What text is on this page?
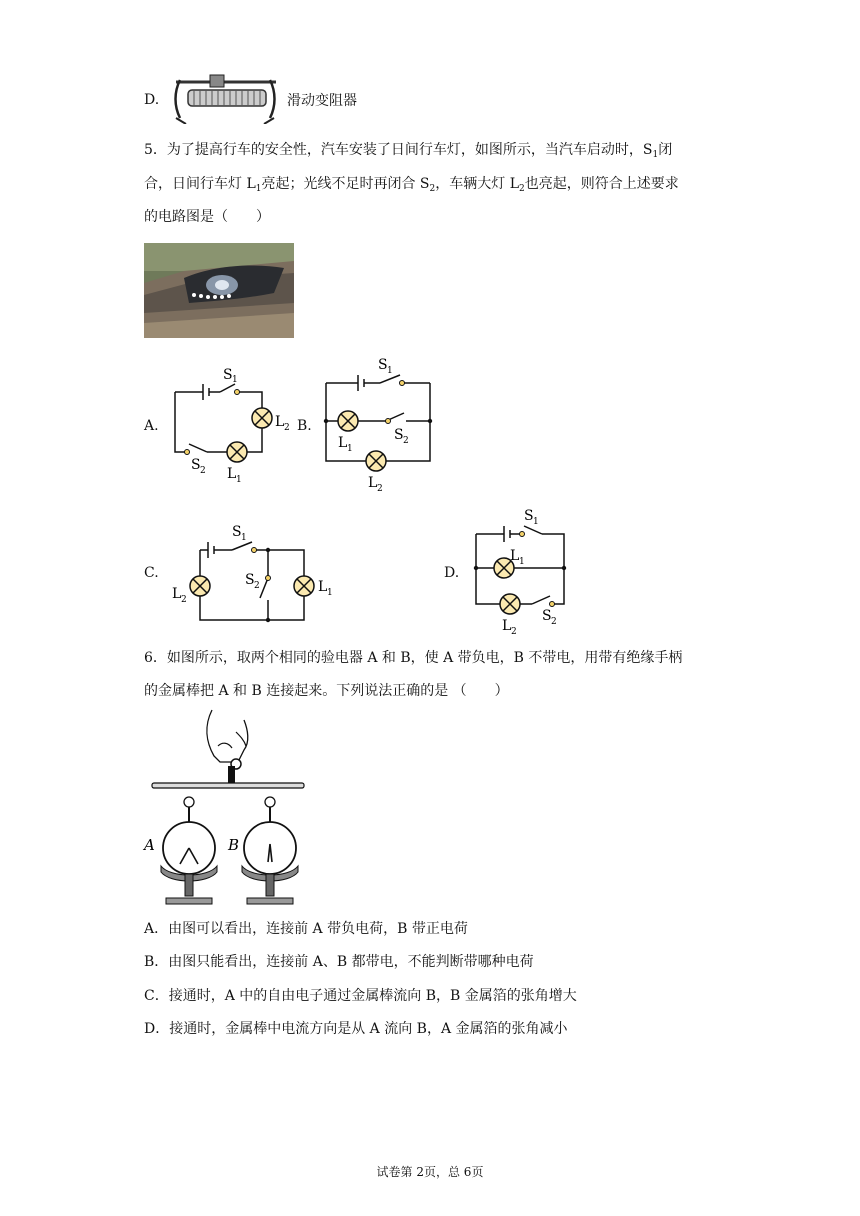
D.	滑动变阻器
5．为了提高行车的安全性，汽车安装了日间行车灯，如图所示，当汽车启动时，$S_1$闭
合，日间行车灯 $L_1$亮起；光线不足时再闭合 $S_2$，车辆大灯 $L_2$也亮起，则符合上述要求
的电路图是（　　）
A.
S 1
L 2
S 2 L 1
B.
S 1
S 2
L 1
L 2
C.
S 1
S 2
L 2
L 1
D.
S 1
L 1
L 2
S 2
6．如图所示，取两个相同的验电器 A 和 B，使 A 带负电，B 不带电，用带有绝缘手柄
的金属棒把 A 和 B 连接起来。下列说法正确的是 （　　）
A	B
A．由图可以看出，连接前 A 带负电荷，B 带正电荷
B．由图只能看出，连接前 A、B 都带电，不能判断带哪种电荷
C．接通时，A 中的自由电子通过金属棒流向 B，B 金属箔的张角增大
D．接通时，金属棒中电流方向是从 A 流向 B，A 金属箔的张角减小
试卷第 2页，总 6页
